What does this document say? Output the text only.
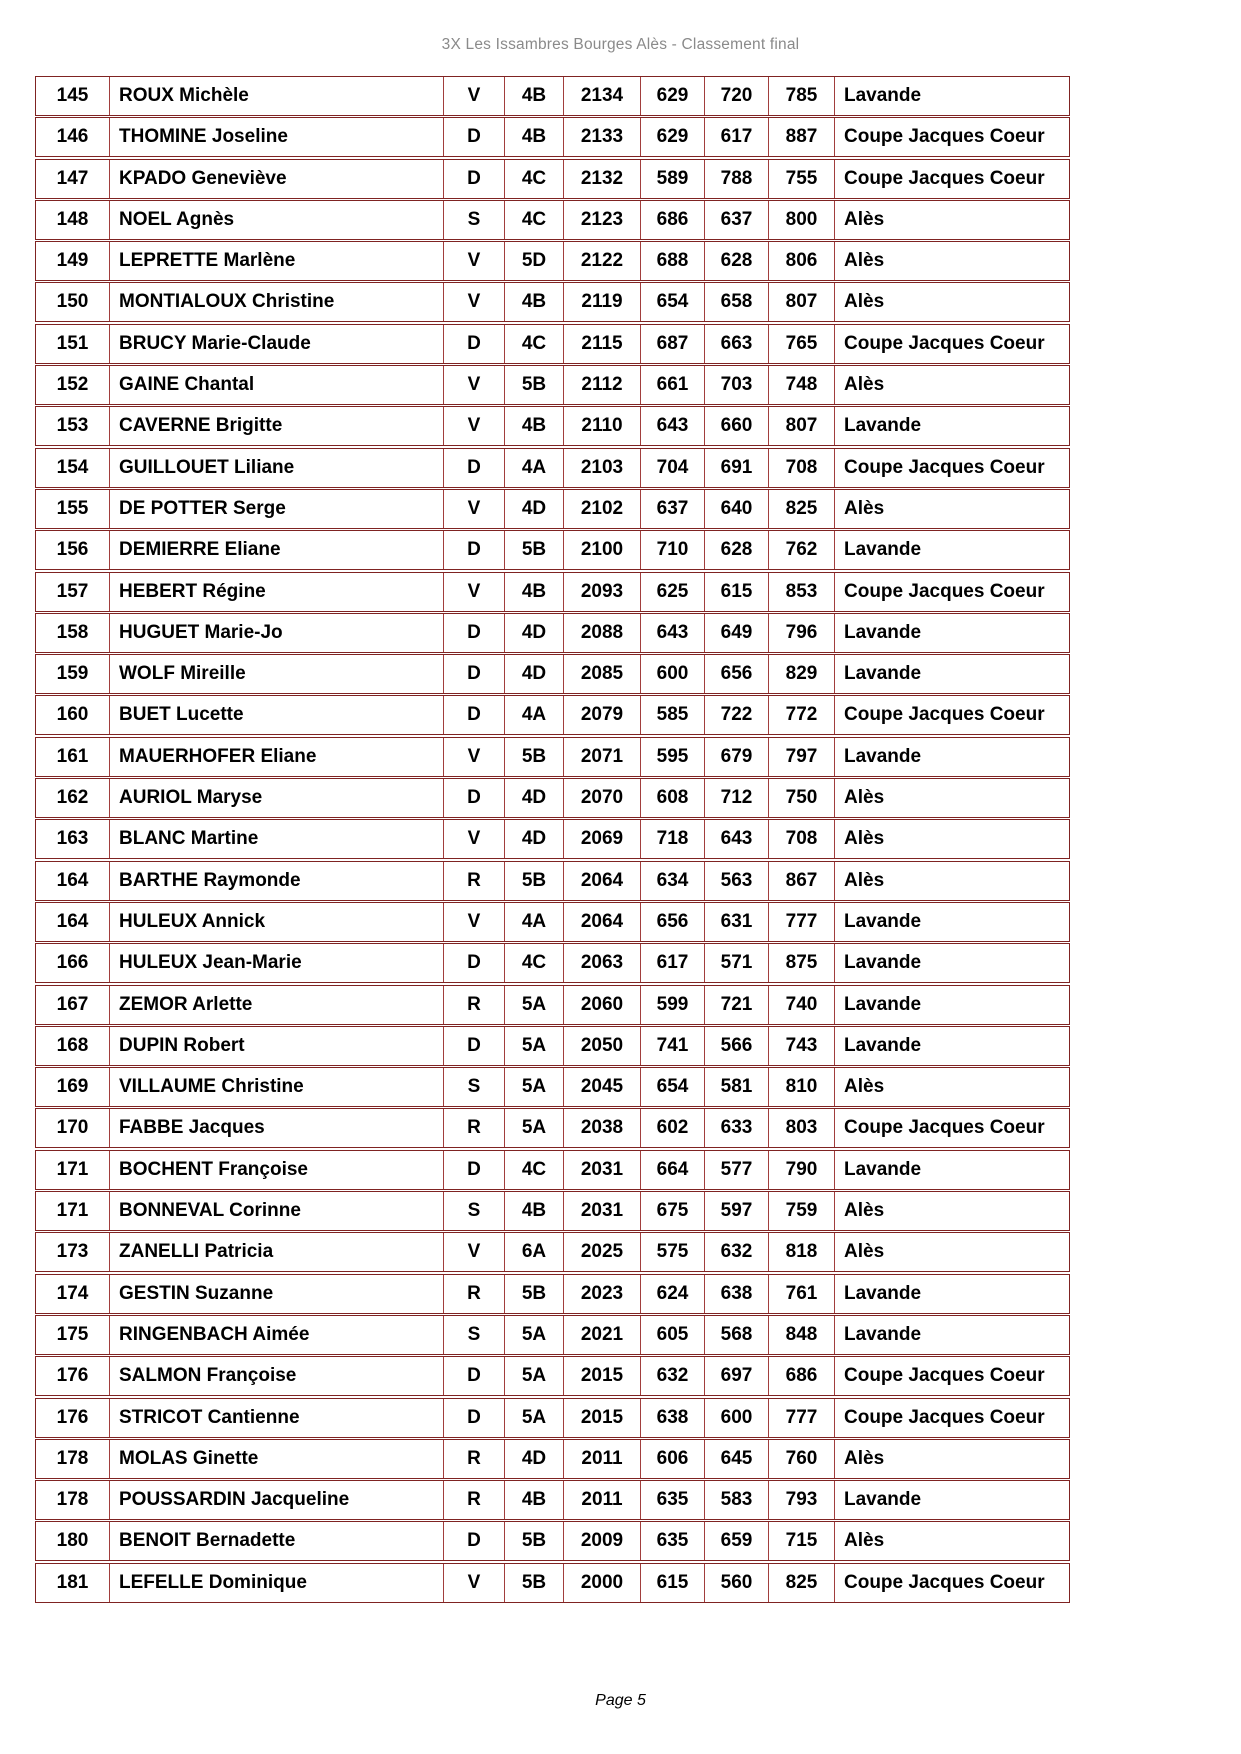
3X Les Issambres Bourges Alès - Classement final
145	ROUX Michèle	V	4B	2134	629	720	785	Lavande
146	THOMINE Joseline	D	4B	2133	629	617	887	Coupe Jacques Coeur
147	KPADO Geneviève	D	4C	2132	589	788	755	Coupe Jacques Coeur
148	NOEL Agnès	S	4C	2123	686	637	800	Alès
149	LEPRETTE Marlène	V	5D	2122	688	628	806	Alès
150	MONTIALOUX Christine	V	4B	2119	654	658	807	Alès
151	BRUCY Marie-Claude	D	4C	2115	687	663	765	Coupe Jacques Coeur
152	GAINE Chantal	V	5B	2112	661	703	748	Alès
153	CAVERNE Brigitte	V	4B	2110	643	660	807	Lavande
154	GUILLOUET Liliane	D	4A	2103	704	691	708	Coupe Jacques Coeur
155	DE POTTER Serge	V	4D	2102	637	640	825	Alès
156	DEMIERRE Eliane	D	5B	2100	710	628	762	Lavande
157	HEBERT Régine	V	4B	2093	625	615	853	Coupe Jacques Coeur
158	HUGUET Marie-Jo	D	4D	2088	643	649	796	Lavande
159	WOLF Mireille	D	4D	2085	600	656	829	Lavande
160	BUET Lucette	D	4A	2079	585	722	772	Coupe Jacques Coeur
161	MAUERHOFER Eliane	V	5B	2071	595	679	797	Lavande
162	AURIOL Maryse	D	4D	2070	608	712	750	Alès
163	BLANC Martine	V	4D	2069	718	643	708	Alès
164	BARTHE Raymonde	R	5B	2064	634	563	867	Alès
164	HULEUX Annick	V	4A	2064	656	631	777	Lavande
166	HULEUX Jean-Marie	D	4C	2063	617	571	875	Lavande
167	ZEMOR Arlette	R	5A	2060	599	721	740	Lavande
168	DUPIN Robert	D	5A	2050	741	566	743	Lavande
169	VILLAUME Christine	S	5A	2045	654	581	810	Alès
170	FABBE Jacques	R	5A	2038	602	633	803	Coupe Jacques Coeur
171	BOCHENT Françoise	D	4C	2031	664	577	790	Lavande
171	BONNEVAL Corinne	S	4B	2031	675	597	759	Alès
173	ZANELLI Patricia	V	6A	2025	575	632	818	Alès
174	GESTIN Suzanne	R	5B	2023	624	638	761	Lavande
175	RINGENBACH Aimée	S	5A	2021	605	568	848	Lavande
176	SALMON Françoise	D	5A	2015	632	697	686	Coupe Jacques Coeur
176	STRICOT Cantienne	D	5A	2015	638	600	777	Coupe Jacques Coeur
178	MOLAS Ginette	R	4D	2011	606	645	760	Alès
178	POUSSARDIN Jacqueline	R	4B	2011	635	583	793	Lavande
180	BENOIT Bernadette	D	5B	2009	635	659	715	Alès
181	LEFELLE Dominique	V	5B	2000	615	560	825	Coupe Jacques Coeur
Page 5
